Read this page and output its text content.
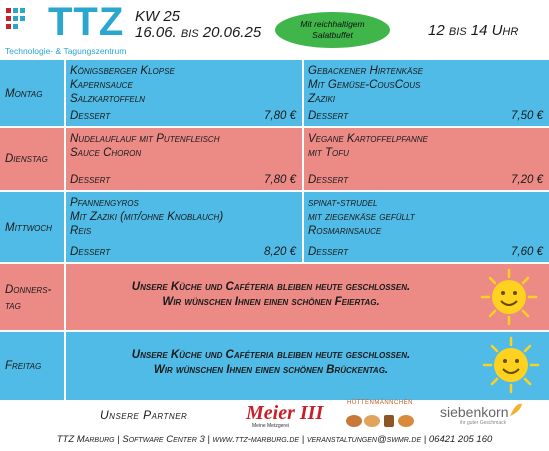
TTZ
Technologie- & Tagungszentrum
KW 25
16.06. bis 20.06.25	Mit reichhaltigem Salatbuffet	12 bis 14 Uhr
Montag
Königsberger Klopse
Kapernsauce
Salzkartoffeln
Dessert	7,80 €
Gebackener Hirtenkäse
Mit Gemüse-CousCous
Zaziki
Dessert	7,50 €
Dienstag
Nudelauflauf mit Putenfleisch
Sauce Choron
Dessert	7,80 €
Vegane Kartoffelpfanne
mit Tofu
Dessert	7,20 €
Mittwoch
Pfannengyros
Mit Zaziki (mit/ohne Knoblauch)
Reis
Dessert	8,20 €
spinat-strudel
mit ziegenkäse gefüllt
Rosmarinsauce
Dessert	7,60 €
Donners-tag
Unsere Küche und Caféteria bleiben heute geschlossen.
Wir wünschen Ihnen einen schönen Feiertag.
Freitag
Unsere Küche und Caféteria bleiben heute geschlossen.
Wir wünschen Ihnen einen schönen Brückentag.
Unsere Partner	Meier III
Meine Metzgerei
HÜTTENMÄNNCHEN
siebenkorn
ihr guter Geschmack
TTZ Marburg | Software Center 3 | www.ttz-marburg.de | veranstaltungen@swmr.de | 06421 205 160
